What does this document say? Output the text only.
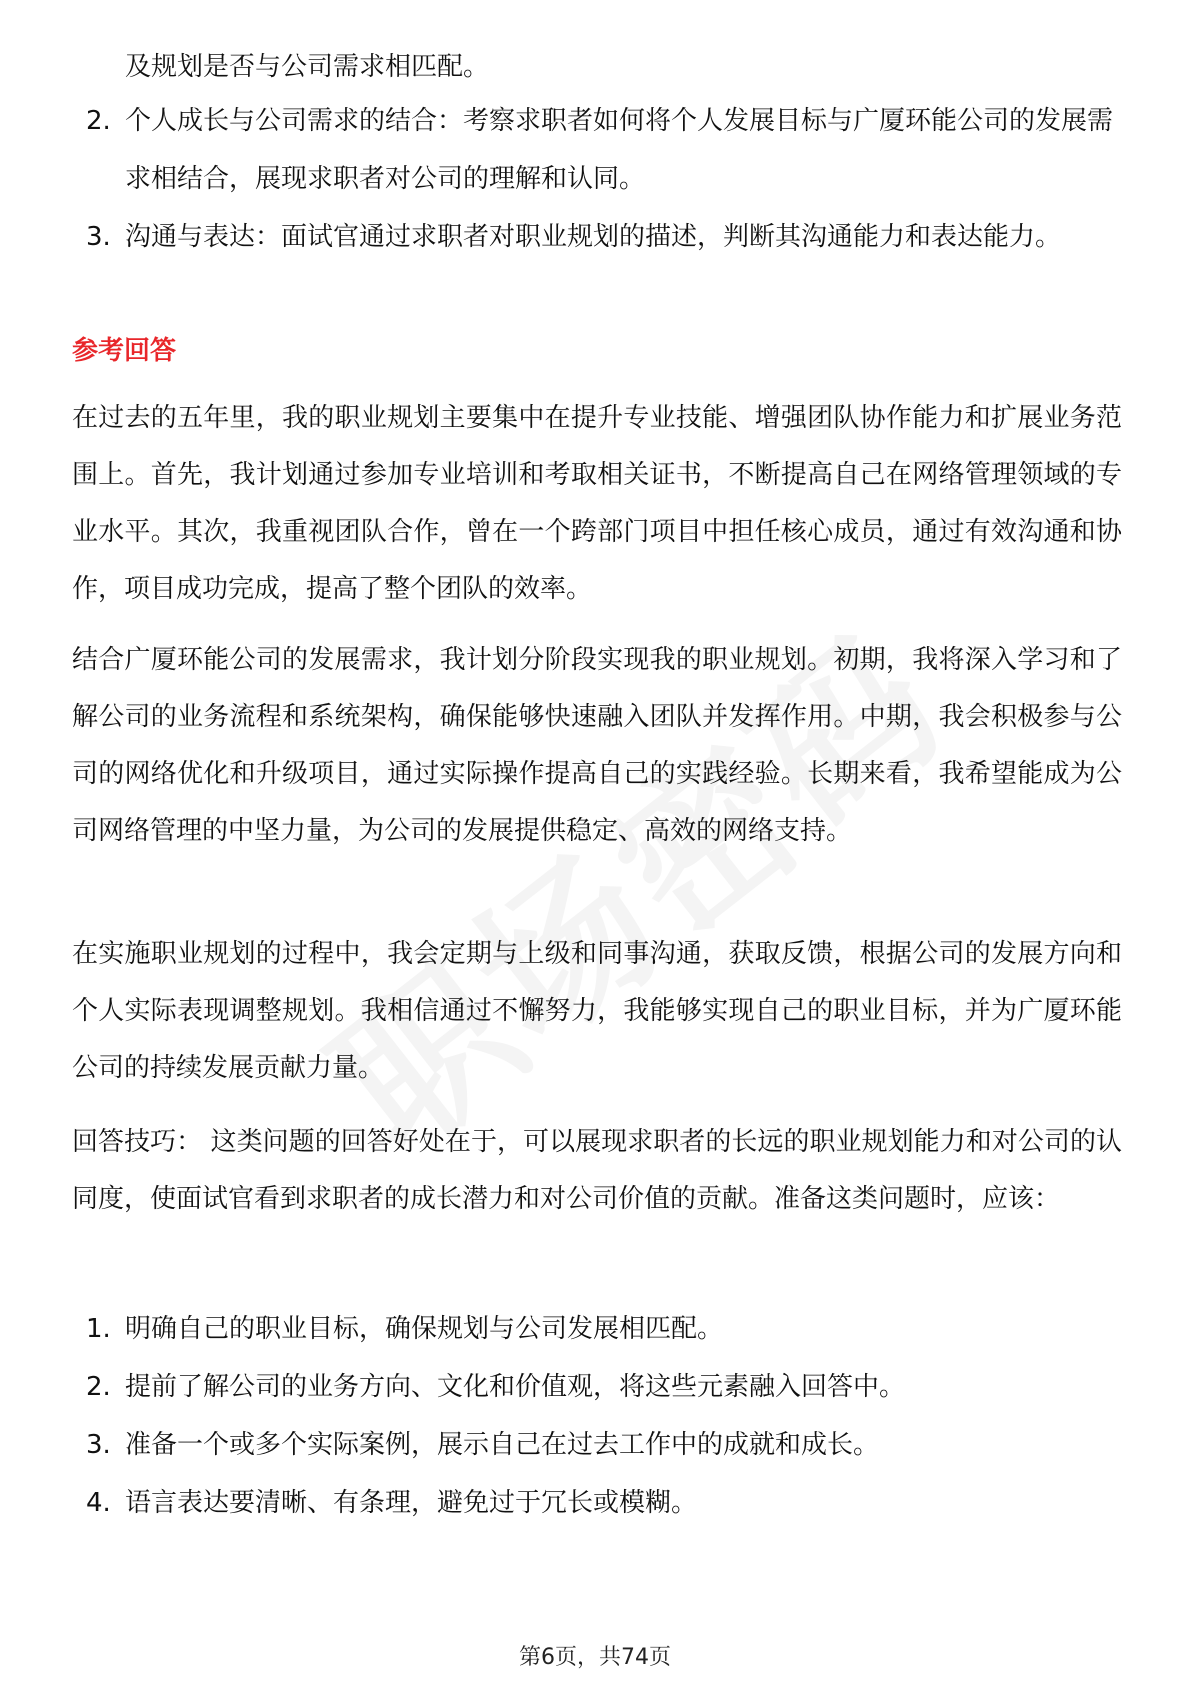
及规划是否与公司需求相匹配。
2. 个人成长与公司需求的结合：考察求职者如何将个人发展目标与广厦环能公司的发展需求相结合，展现求职者对公司的理解和认同。
3. 沟通与表达：面试官通过求职者对职业规划的描述，判断其沟通能力和表达能力。
参考回答
在过去的五年里，我的职业规划主要集中在提升专业技能、增强团队协作能力和扩展业务范围上。首先，我计划通过参加专业培训和考取相关证书，不断提高自己在网络管理领域的专业水平。其次，我重视团队合作，曾在一个跨部门项目中担任核心成员，通过有效沟通和协作，项目成功完成，提高了整个团队的效率。
结合广厦环能公司的发展需求，我计划分阶段实现我的职业规划。初期，我将深入学习和了解公司的业务流程和系统架构，确保能够快速融入团队并发挥作用。中期，我会积极参与公司的网络优化和升级项目，通过实际操作提高自己的实践经验。长期来看，我希望能成为公司网络管理的中坚力量，为公司的发展提供稳定、高效的网络支持。
在实施职业规划的过程中，我会定期与上级和同事沟通，获取反馈，根据公司的发展方向和个人实际表现调整规划。我相信通过不懈努力，我能够实现自己的职业目标，并为广厦环能公司的持续发展贡献力量。
回答技巧： 这类问题的回答好处在于，可以展现求职者的长远的职业规划能力和对公司的认同度，使面试官看到求职者的成长潜力和对公司价值的贡献。准备这类问题时，应该：
1. 明确自己的职业目标，确保规划与公司发展相匹配。
2. 提前了解公司的业务方向、文化和价值观，将这些元素融入回答中。
3. 准备一个或多个实际案例，展示自己在过去工作中的成就和成长。
4. 语言表达要清晰、有条理，避免过于冗长或模糊。
第6页，共74页
